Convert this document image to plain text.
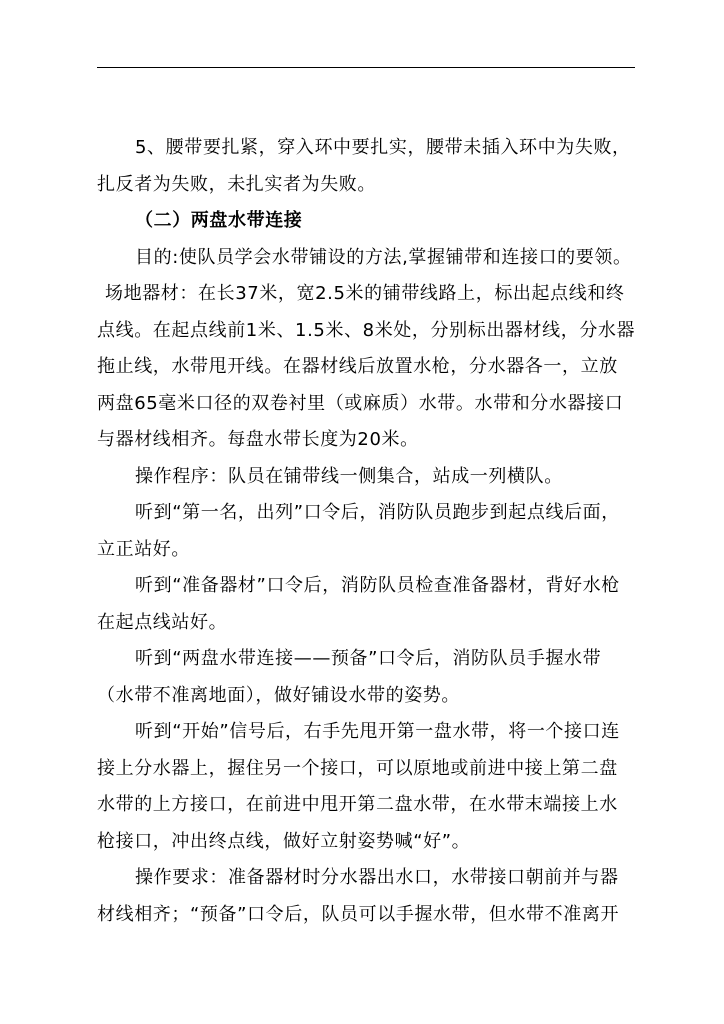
5、腰带要扎紧，穿入环中要扎实，腰带未插入环中为失败，
扎反者为失败，未扎实者为失败。
（二）两盘水带连接
目的:使队员学会水带铺设的方法,掌握铺带和连接口的要领。
场地器材：在长37米，宽2.5米的铺带线路上，标出起点线和终
点线。在起点线前1米、1.5米、8米处，分别标出器材线，分水器
拖止线，水带甩开线。在器材线后放置水枪，分水器各一，立放
两盘65毫米口径的双卷衬里（或麻质）水带。水带和分水器接口
与器材线相齐。每盘水带长度为20米。
操作程序：队员在铺带线一侧集合，站成一列横队。
听到“第一名，出列”口令后，消防队员跑步到起点线后面，
立正站好。
听到“准备器材”口令后，消防队员检查准备器材，背好水枪
在起点线站好。
听到“两盘水带连接——预备”口令后，消防队员手握水带
（水带不准离地面），做好铺设水带的姿势。
听到“开始”信号后，右手先甩开第一盘水带，将一个接口连
接上分水器上，握住另一个接口，可以原地或前进中接上第二盘
水带的上方接口，在前进中甩开第二盘水带，在水带末端接上水
枪接口，冲出终点线，做好立射姿势喊“好”。
操作要求：准备器材时分水器出水口，水带接口朝前并与器
材线相齐；“预备”口令后，队员可以手握水带，但水带不准离开
